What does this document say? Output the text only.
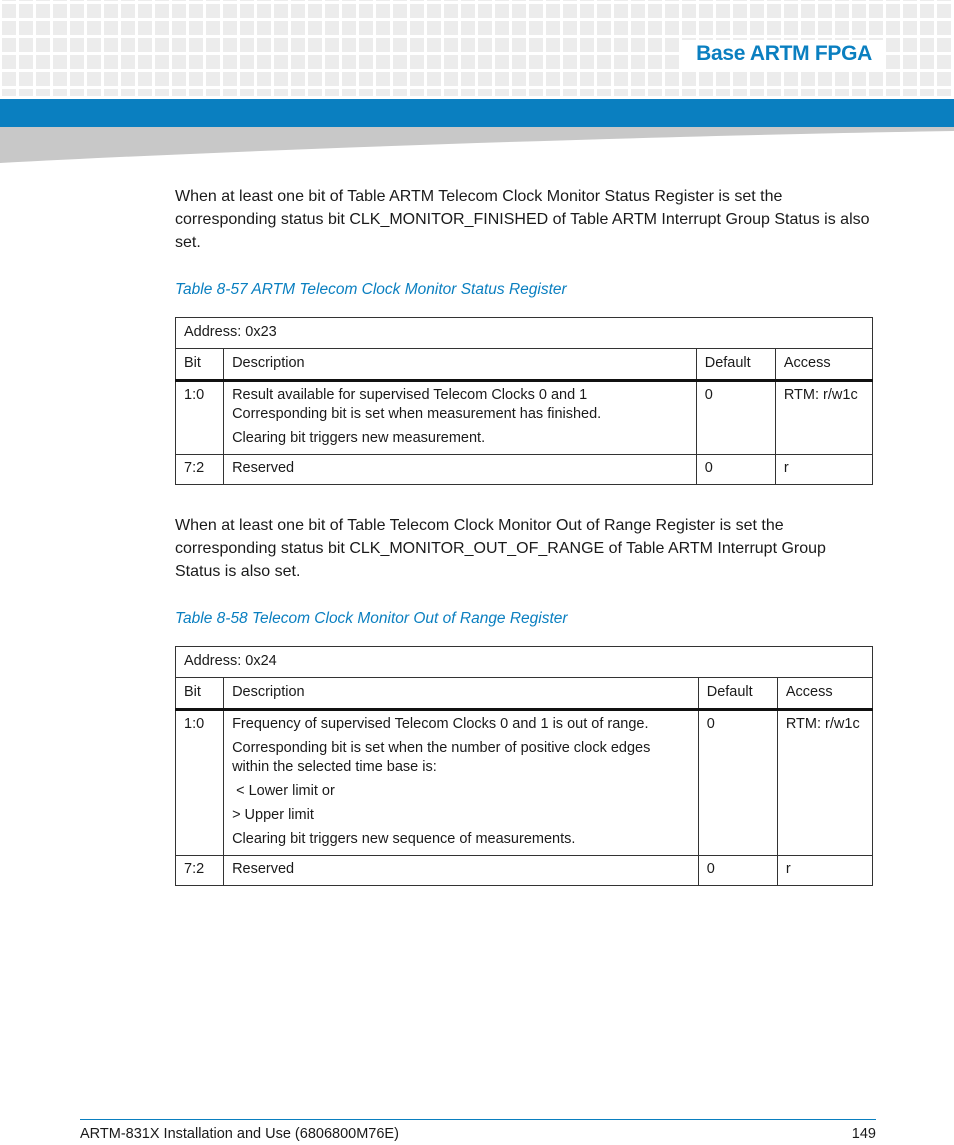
Base ARTM FPGA

When at least one bit of Table ARTM Telecom Clock Monitor Status Register is set the corresponding status bit CLK_MONITOR_FINISHED of Table ARTM Interrupt Group Status is also set.

Table 8-57 ARTM Telecom Clock Monitor Status Register

Address: 0x23			
Bit	Description	Default	Access
1:0	Result available for supervised Telecom Clocks 0 and 1
Corresponding bit is set when measurement has finished.
Clearing bit triggers new measurement.	0	RTM: r/w1c
7:2	Reserved	0	r

When at least one bit of Table Telecom Clock Monitor Out of Range Register is set the corresponding status bit CLK_MONITOR_OUT_OF_RANGE of Table ARTM Interrupt Group Status is also set.

Table 8-58 Telecom Clock Monitor Out of Range Register

Address: 0x24			
Bit	Description	Default	Access
1:0	Frequency of supervised Telecom Clocks 0 and 1 is out of range.
Corresponding bit is set when the number of positive clock edges within the selected time base is:
< Lower limit or
> Upper limit
Clearing bit triggers new sequence of measurements.	0	RTM: r/w1c
7:2	Reserved	0	r
ARTM-831X Installation and Use (6806800M76E)	149
